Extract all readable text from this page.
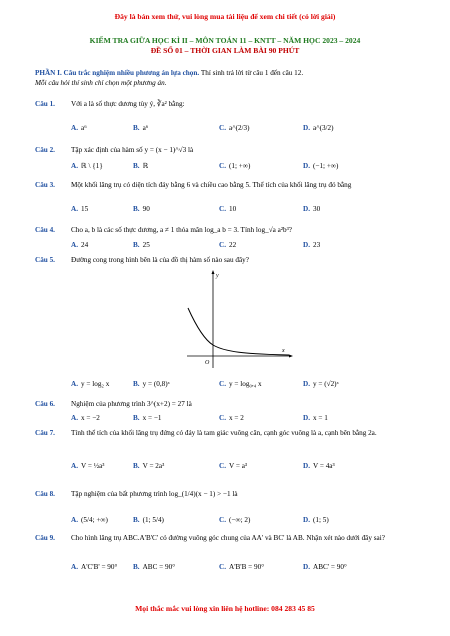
Đây là bản xem thử, vui lòng mua tài liệu để xem chi tiết (có lời giải)
KIỂM TRA GIỮA HỌC KÌ II – MÔN TOÁN 11 – KNTT – NĂM HỌC 2023 – 2024
ĐỀ SỐ 01 – THỜI GIAN LÀM BÀI 90 PHÚT
PHẦN I. Câu trắc nghiệm nhiều phương án lựa chọn. Thí sinh trả lời từ câu 1 đến câu 12.
Mỗi câu hỏi thí sinh chỉ chọn một phương án.
Câu 1. Với a là số thực dương tùy ý, ∛a² bằng:
A. a⁶	B. a⁶	C. a^(2/3)	D. a^(3/2)
Câu 2. Tập xác định của hàm số y = (x − 1)^√3 là
A. ℝ \ {1}	B. ℝ	C. (1; +∞)	D. (−1; +∞)
Câu 3. Một khối lăng trụ có diện tích đáy bằng 6 và chiều cao bằng 5. Thể tích của khối lăng trụ đó bằng
A. 15	B. 90	C. 10	D. 30
Câu 4. Cho a, b là các số thực dương, a ≠ 1 thỏa mãn log_a b = 3. Tính log_√a a²b³?
A. 24	B. 25	C. 22	D. 23
Câu 5. Đường cong trong hình bên là của đồ thị hàm số nào sau đây?
y
x
O
A. y = log₂ x	B. y = (0,8)ˣ	C. y = log₀,₄ x	D. y = (√2)ˣ
Câu 6. Nghiệm của phương trình 3^(x+2) = 27 là
A. x = −2	B. x = −1	C. x = 2	D. x = 1
Câu 7. Tính thể tích của khối lăng trụ đứng có đáy là tam giác vuông cân, cạnh góc vuông là a, cạnh bên bằng 2a.
A. V = ½a³	B. V = 2a³	C. V = a³	D. V = 4a³
Câu 8. Tập nghiệm của bất phương trình log_(1/4)(x − 1) > −1 là
A. (5/4; +∞)	B. (1; 5/4)	C. (−∞; 2)	D. (1; 5)
Câu 9. Cho hình lăng trụ ABC.A'B'C' có đường vuông góc chung của AA' và BC' là AB. Nhận xét nào dưới đây sai?
A. A'C'B' = 90° B. ABC = 90°	C. A'B'B = 90°	D. ABC' = 90°
Mọi thắc mắc vui lòng xin liên hệ hotline: 084 283 45 85
